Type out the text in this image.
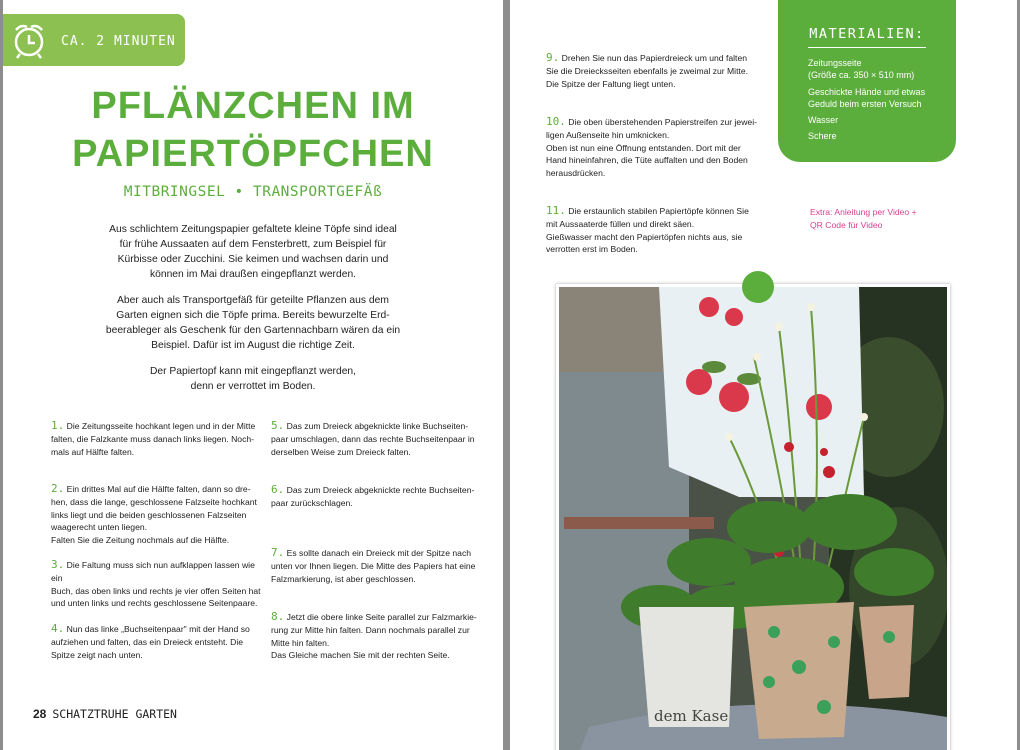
CA. 2 MINUTEN
PFLÄNZCHEN IM
PAPIERTÖPFCHEN
MITBRINGSEL • TRANSPORTGEFÄß
Aus schlichtem Zeitungspapier gefaltete kleine Töpfe sind ideal
für frühe Aussaaten auf dem Fensterbrett, zum Beispiel für
Kürbisse oder Zucchini. Sie keimen und wachsen darin und
können im Mai draußen eingepflanzt werden.
Aber auch als Transportgefäß für geteilte Pflanzen aus dem
Garten eignen sich die Töpfe prima. Bereits bewurzelte Erd-
beerableger als Geschenk für den Gartennachbarn wären da ein
Beispiel. Dafür ist im August die richtige Zeit.
Der Papiertopf kann mit eingepflanzt werden,
denn er verrottet im Boden.
1. Die Zeitungsseite hochkant legen und in der Mitte
falten, die Falzkante muss danach links liegen. Noch-
mals auf Hälfte falten.
2. Ein drittes Mal auf die Hälfte falten, dann so dre-
hen, dass die lange, geschlossene Falzseite hochkant
links liegt und die beiden geschlossenen Falzseiten
waagerecht unten liegen.
Falten Sie die Zeitung nochmals auf die Hälfte.
3. Die Faltung muss sich nun aufklappen lassen wie ein
Buch, das oben links und rechts je vier offen Seiten hat
und unten links und rechts geschlossene Seitenpaare.
4. Nun das linke „Buchseitenpaar" mit der Hand so
aufziehen und falten, das ein Dreieck entsteht. Die
Spitze zeigt nach unten.
5. Das zum Dreieck abgeknickte linke Buchseiten-
paar umschlagen, dann das rechte Buchseitenpaar in
derselben Weise zum Dreieck falten.
6. Das zum Dreieck abgeknickte rechte Buchseiten-
paar zurückschlagen.
7. Es sollte danach ein Dreieck mit der Spitze nach
unten vor Ihnen liegen. Die Mitte des Papiers hat eine
Falzmarkierung, ist aber geschlossen.
8. Jetzt die obere linke Seite parallel zur Falzmarkie-
rung zur Mitte hin falten. Dann nochmals parallel zur
Mitte hin falten.
Das Gleiche machen Sie mit der rechten Seite.
28 SCHATZTRUHE GARTEN
9. Drehen Sie nun das Papierdreieck um und falten
Sie die Dreiecksseiten ebenfalls je zweimal zur Mitte.
Die Spitze der Faltung liegt unten.
10. Die oben überstehenden Papierstreifen zur jewei-
ligen Außenseite hin umknicken.
Oben ist nun eine Öffnung entstanden. Dort mit der
Hand hineinfahren, die Tüte auffalten und den Boden
herausdrücken.
11. Die erstaunlich stabilen Papiertöpfe können Sie
mit Aussaaterde füllen und direkt säen.
Gießwasser macht den Papiertöpfen nichts aus, sie
verrotten erst im Boden.
MATERIALIEN:
Zeitungsseite
(Größe ca. 350 × 510 mm)
Geschickte Hände und etwas
Geduld beim ersten Versuch
Wasser
Schere
Extra: Anleitung per Video +
QR Code für Video
dem Kase
